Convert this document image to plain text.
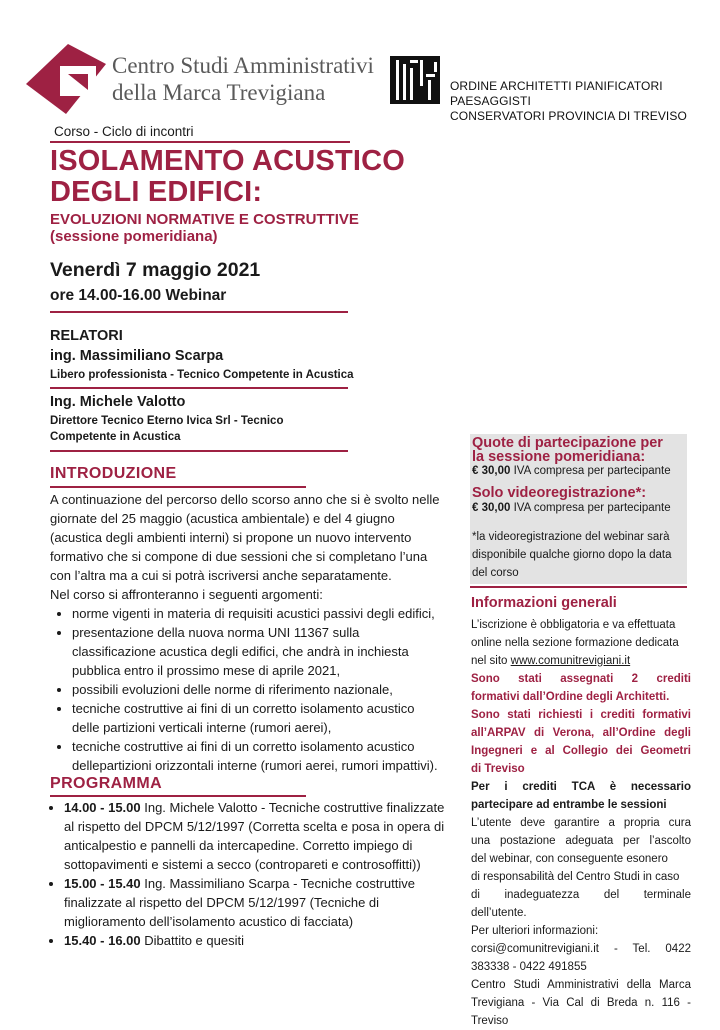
Centro Studi Amministrativi
della Marca Trevigiana	ORDINE ARCHITETTI PIANIFICATORI PAESAGGISTI
CONSERVATORI PROVINCIA DI TREVISO
Corso - Ciclo di incontri
ISOLAMENTO ACUSTICO
DEGLI EDIFICI:
EVOLUZIONI NORMATIVE E COSTRUTTIVE
(sessione pomeridiana)
Venerdì 7 maggio 2021
ore 14.00-16.00 Webinar
RELATORI
ing. Massimiliano Scarpa
Libero professionista - Tecnico Competente in Acustica
Ing. Michele Valotto
Direttore Tecnico Eterno Ivica Srl - Tecnico
Competente in Acustica
INTRODUZIONE
A continuazione del percorso dello scorso anno che si è svolto nelle
giornate del 25 maggio (acustica ambientale) e del 4 giugno
(acustica degli ambienti interni) si propone un nuovo intervento
formativo che si compone di due sessioni che si completano l’una
con l’altra ma a cui si potrà iscriversi anche separatamente.
Nel corso si affronteranno i seguenti argomenti:
• norme vigenti in materia di requisiti acustici passivi degli edifici,
• presentazione della nuova norma UNI 11367 sulla
classificazione acustica degli edifici, che andrà in inchiesta
pubblica entro il prossimo mese di aprile 2021,
• possibili evoluzioni delle norme di riferimento nazionale,
• tecniche costruttive ai fini di un corretto isolamento acustico
delle partizioni verticali interne (rumori aerei),
• tecniche costruttive ai fini di un corretto isolamento acustico
dellepartizioni orizzontali interne (rumori aerei, rumori impattivi).
PROGRAMMA
• 14.00 - 15.00 Ing. Michele Valotto - Tecniche costruttive finalizzate
al rispetto del DPCM 5/12/1997 (Corretta scelta e posa in opera di
anticalpestio e pannelli da intercapedine. Corretto impiego di
sottopavimenti e sistemi a secco (contropareti e controsoffitti))
• 15.00 - 15.40 Ing. Massimiliano Scarpa - Tecniche costruttive
finalizzate al rispetto del DPCM 5/12/1997 (Tecniche di
miglioramento dell’isolamento acustico di facciata)
• 15.40 - 16.00 Dibattito e quesiti
Quote di partecipazione per
la sessione pomeridiana:
€ 30,00 IVA compresa per partecipante
Solo videoregistrazione*:
€ 30,00 IVA compresa per partecipante
*la videoregistrazione del webinar sarà
disponibile qualche giorno dopo la data
del corso
Informazioni generali
L’iscrizione è obbligatoria e va effettuata
online nella sezione formazione dedicata
nel sito www.comunitrevigiani.it
Sono stati assegnati 2 crediti
formativi dall’Ordine degli Architetti.
Sono stati richiesti i crediti formativi
all’ARPAV di Verona, all’Ordine degli
Ingegneri e al Collegio dei Geometri
di Treviso
Per i crediti TCA è necessario
partecipare ad entrambe le sessioni
L’utente deve garantire a propria cura
una postazione adeguata per l’ascolto
del webinar, con conseguente esonero
di responsabilità del Centro Studi in caso
di inadeguatezza del terminale
dell’utente.
Per ulteriori informazioni:
corsi@comunitrevigiani.it - Tel. 0422
383338 - 0422 491855
Centro Studi Amministrativi della Marca
Trevigiana - Via Cal di Breda n. 116 -
Treviso
